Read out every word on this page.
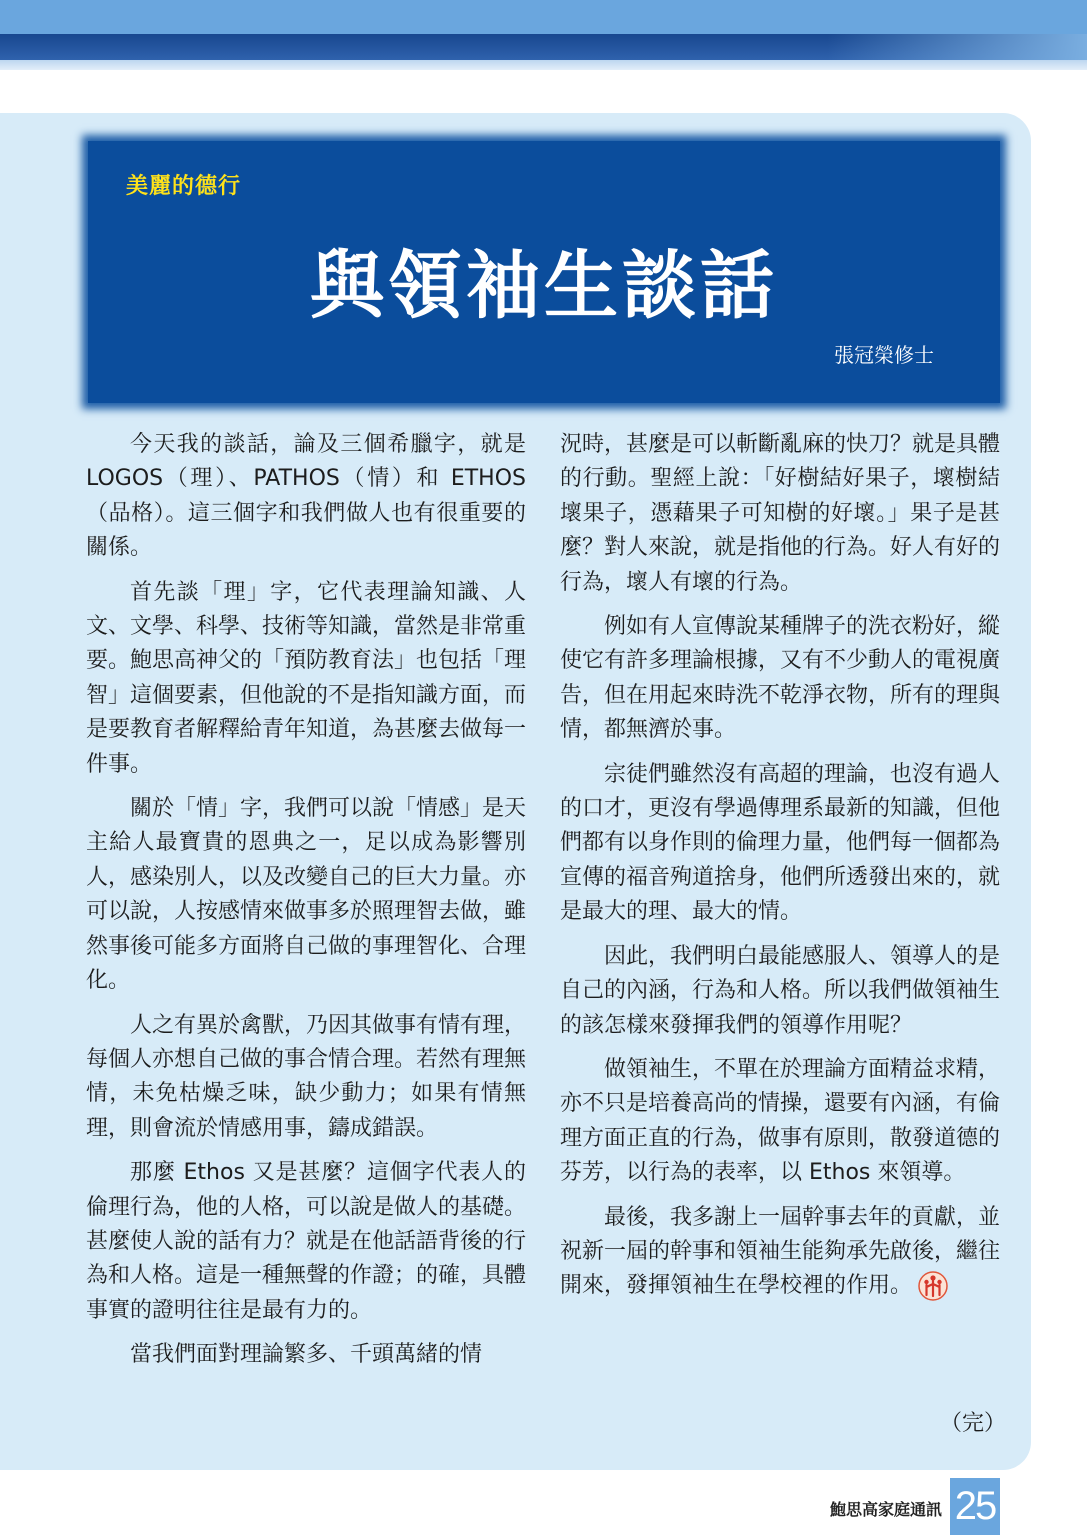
美麗的德行
與領袖生談話
張冠榮修士

今天我的談話，論及三個希臘字，就是 LOGOS（理）、PATHOS（情）和 ETHOS（品格）。這三個字和我們做人也有很重要的關係。

首先談「理」字，它代表理論知識、人文、文學、科學、技術等知識，當然是非常重要。鮑思高神父的「預防教育法」也包括「理智」這個要素，但他說的不是指知識方面，而是要教育者解釋給青年知道，為甚麼去做每一件事。

關於「情」字，我們可以說「情感」是天主給人最寶貴的恩典之一，足以成為影響別人，感染別人，以及改變自己的巨大力量。亦可以說，人按感情來做事多於照理智去做，雖然事後可能多方面將自己做的事理智化、合理化。

人之有異於禽獸，乃因其做事有情有理，每個人亦想自己做的事合情合理。若然有理無情，未免枯燥乏味，缺少動力；如果有情無理，則會流於情感用事，鑄成錯誤。

那麼 Ethos 又是甚麼？這個字代表人的倫理行為，他的人格，可以說是做人的基礎。甚麼使人說的話有力？就是在他話語背後的行為和人格。這是一種無聲的作證；的確，具體事實的證明往往是最有力的。

當我們面對理論繁多、千頭萬緒的情

況時，甚麼是可以斬斷亂麻的快刀？就是具體的行動。聖經上說：「好樹結好果子，壞樹結壞果子，憑藉果子可知樹的好壞。」果子是甚麼？對人來說，就是指他的行為。好人有好的行為，壞人有壞的行為。

例如有人宣傳說某種牌子的洗衣粉好，縱使它有許多理論根據，又有不少動人的電視廣告，但在用起來時洗不乾淨衣物，所有的理與情，都無濟於事。

宗徒們雖然沒有高超的理論，也沒有過人的口才，更沒有學過傳理系最新的知識，但他們都有以身作則的倫理力量，他們每一個都為宣傳的福音殉道捨身，他們所透發出來的，就是最大的理、最大的情。

因此，我們明白最能感服人、領導人的是自己的內涵，行為和人格。所以我們做領袖生的該怎樣來發揮我們的領導作用呢？

做領袖生，不單在於理論方面精益求精，亦不只是培養高尚的情操，還要有內涵，有倫理方面正直的行為，做事有原則，散發道德的芬芳，以行為的表率，以 Ethos 來領導。

最後，我多謝上一屆幹事去年的貢獻，並祝新一屆的幹事和領袖生能夠承先啟後，繼往開來，發揮領袖生在學校裡的作用。

（完）
鮑思高家庭通訊 25
